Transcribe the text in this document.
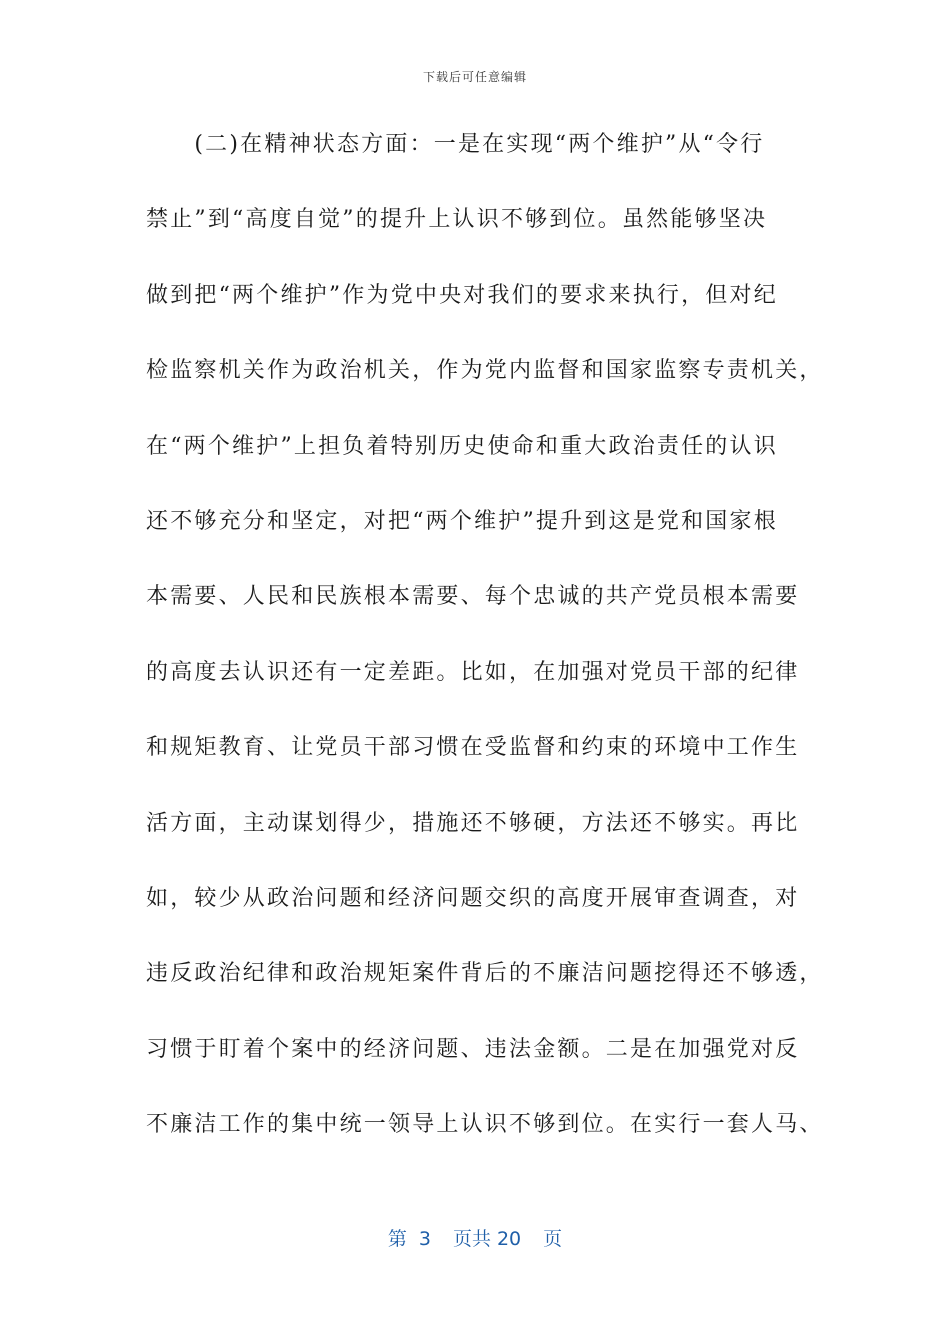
下载后可任意编辑
　　(二)在精神状态方面：一是在实现“两个维护”从“令行
禁止”到“高度自觉”的提升上认识不够到位。虽然能够坚决
做到把“两个维护”作为党中央对我们的要求来执行，但对纪
检监察机关作为政治机关，作为党内监督和国家监察专责机关，
在“两个维护”上担负着特别历史使命和重大政治责任的认识
还不够充分和坚定，对把“两个维护”提升到这是党和国家根
本需要、人民和民族根本需要、每个忠诚的共产党员根本需要
的高度去认识还有一定差距。比如，在加强对党员干部的纪律
和规矩教育、让党员干部习惯在受监督和约束的环境中工作生
活方面，主动谋划得少，措施还不够硬，方法还不够实。再比
如，较少从政治问题和经济问题交织的高度开展审查调查，对
违反政治纪律和政治规矩案件背后的不廉洁问题挖得还不够透，
习惯于盯着个案中的经济问题、违法金额。二是在加强党对反
不廉洁工作的集中统一领导上认识不够到位。在实行一套人马、
第 3 页共 20 页
